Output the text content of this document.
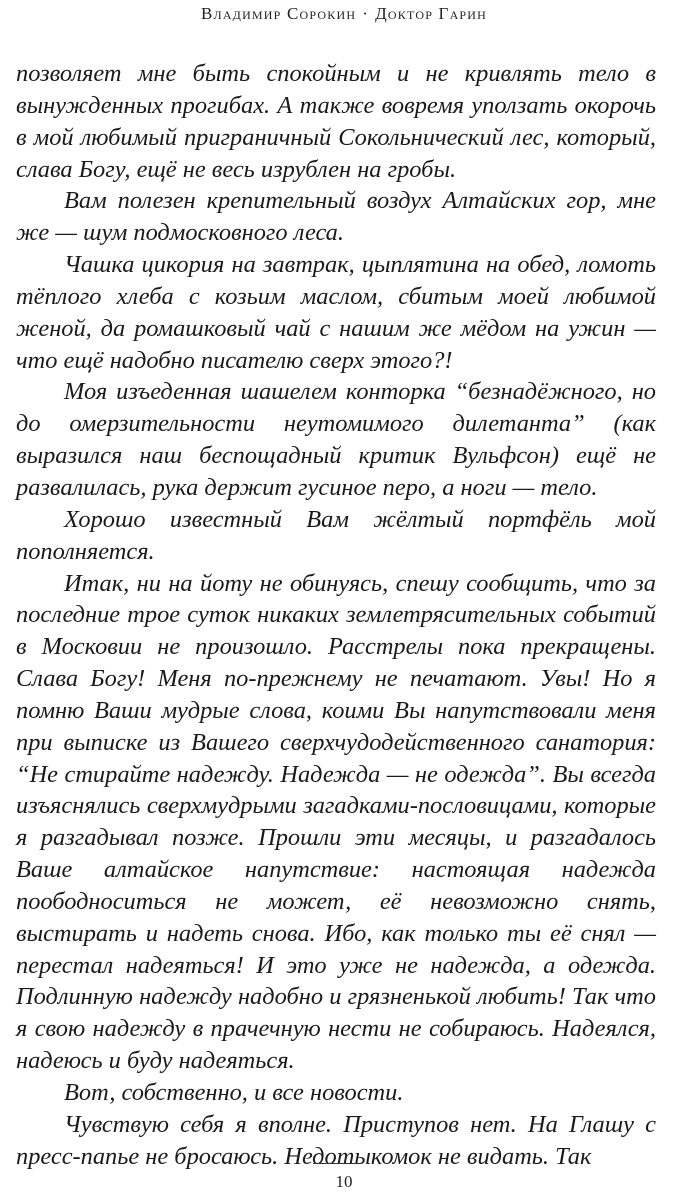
Владимир Сорокин · Доктор Гарин

позволяет мне быть спокойным и не кривлять тело в вынужденных прогибах. А также вовремя уползать окорочь в мой любимый приграничный Сокольнический лес, который, слава Богу, ещё не весь изрублен на гробы.

Вам полезен крепительный воздух Алтайских гор, мне же — шум подмосковного леса.

Чашка цикория на завтрак, цыплятина на обед, ломоть тёплого хлеба с козьим маслом, сбитым моей любимой женой, да ромашковый чай с нашим же мёдом на ужин — что ещё надобно писателю сверх этого?!

Моя изъеденная шашелем конторка “безнадёжного, но до омерзительности неутомимого дилетанта” (как выразился наш беспощадный критик Вульфсон) ещё не развалилась, рука держит гусиное перо, а ноги — тело.

Хорошо известный Вам жёлтый портфёль мой пополняется.

Итак, ни на йоту не обинуясь, спешу сообщить, что за последние трое суток никаких землетрясительных событий в Московии не произошло. Расстрелы пока прекращены. Слава Богу! Меня по-прежнему не печатают. Увы! Но я помню Ваши мудрые слова, коими Вы напутствовали меня при выписке из Вашего сверхчудодейственного санатория: “Не стирайте надежду. Надежда — не одежда”. Вы всегда изъяснялись сверхмудрыми загадками-пословицами, которые я разгадывал позже. Прошли эти месяцы, и разгадалось Ваше алтайское напутствие: настоящая надежда поободноситься не может, её невозможно снять, выстирать и надеть снова. Ибо, как только ты её снял — перестал надеяться! И это уже не надежда, а одежда. Подлинную надежду надобно и грязненькой любить! Так что я свою надежду в прачечную нести не собираюсь. Надеялся, надеюсь и буду надеяться.

Вот, собственно, и все новости.

Чувствую себя я вполне. Приступов нет. На Глашу с пресс-папье не бросаюсь. Недотыкомок не видать. Так

10
